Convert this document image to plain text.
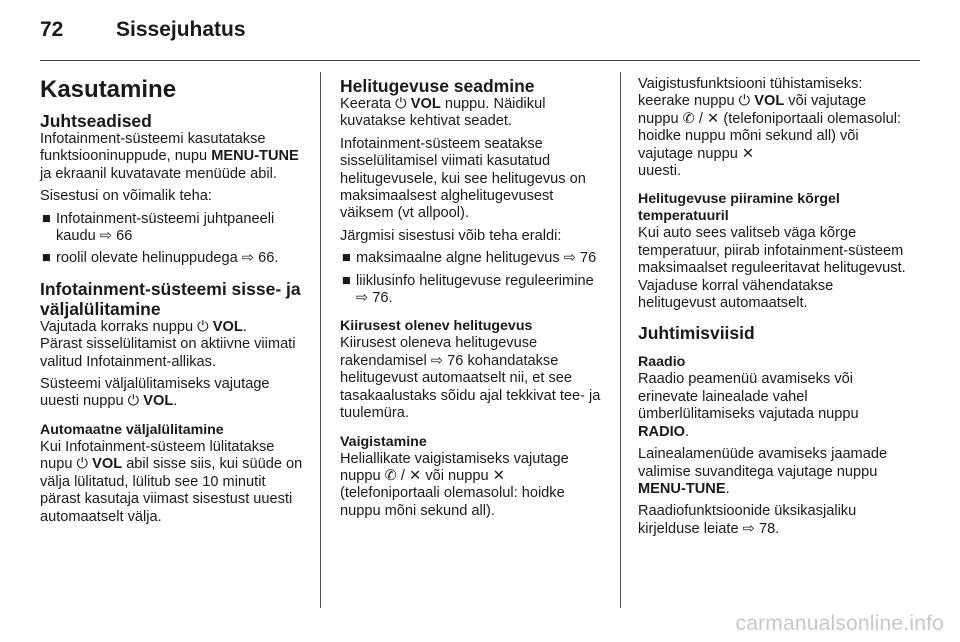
72	Sissejuhatus
Kasutamine
Juhtseadised

Infotainment-süsteemi kasutatakse funktsiooninuppude, nupu MENU-TUNE ja ekraanil kuvatavate menüüde abil.

Sisestusi on võimalik teha:

■ Infotainment-süsteemi juhtpaneeli kaudu ⇨ 66
■ roolil olevate helinuppudega ⇨ 66.
Infotainment-süsteemi sisse- ja väljalülitamine

Vajutada korraks nuppu ⏻ VOL.
Pärast sisselülitamist on aktiivne viimati valitud Infotainment-allikas.

Süsteemi väljalülitamiseks vajutage uuesti nuppu ⏻ VOL.

Automaatne väljalülitamine

Kui Infotainment-süsteem lülitatakse nupu ⏻ VOL abil sisse siis, kui süüde on välja lülitatud, lülitub see 10 minutit pärast kasutaja viimast sisestust uuesti automaatselt välja.

Helitugevuse seadmine

Keerata ⏻ VOL nuppu. Näidikul kuvatakse kehtivat seadet.

Infotainment-süsteem seatakse sisselülitamisel viimati kasutatud helitugevusele, kui see helitugevus on maksimaalsest alghelitugevusest väiksem (vt allpool).

Järgmisi sisestusi võib teha eraldi:

■ maksimaalne algne helitugevus ⇨ 76
■ liiklusinfo helitugevuse reguleerimine ⇨ 76.
Kiirusest olenev helitugevus

Kiirusest oleneva helitugevuse rakendamisel ⇨ 76 kohandatakse helitugevust automaatselt nii, et see tasakaalustaks sõidu ajal tekkivat tee- ja tuulemüra.

Vaigistamine

Heliallikate vaigistamiseks vajutage nuppu ✆ / ✕ või nuppu ✕
(telefoniportaali olemasolul: hoidke nuppu mõni sekund all).

Vaigistusfunktsiooni tühistamiseks: keerake nuppu ⏻ VOL või vajutage nuppu ✆ / ✕ (telefoniportaali olemasolul: hoidke nuppu mõni sekund all) või vajutage nuppu ✕
uuesti.

Helitugevuse piiramine kõrgel temperatuuril

Kui auto sees valitseb väga kõrge temperatuur, piirab infotainment-süsteem maksimaalset reguleeritavat helitugevust. Vajaduse korral vähendatakse helitugevust automaatselt.

Juhtimisviisid
Raadio

Raadio peamenüü avamiseks või erinevate lainealade vahel ümberlülitamiseks vajutada nuppu RADIO.

Lainealamenüüde avamiseks jaamade valimise suvanditega vajutage nuppu MENU-TUNE.

Raadiofunktsioonide üksikasjaliku kirjelduse leiate ⇨ 78.

carmanualsonline.info
